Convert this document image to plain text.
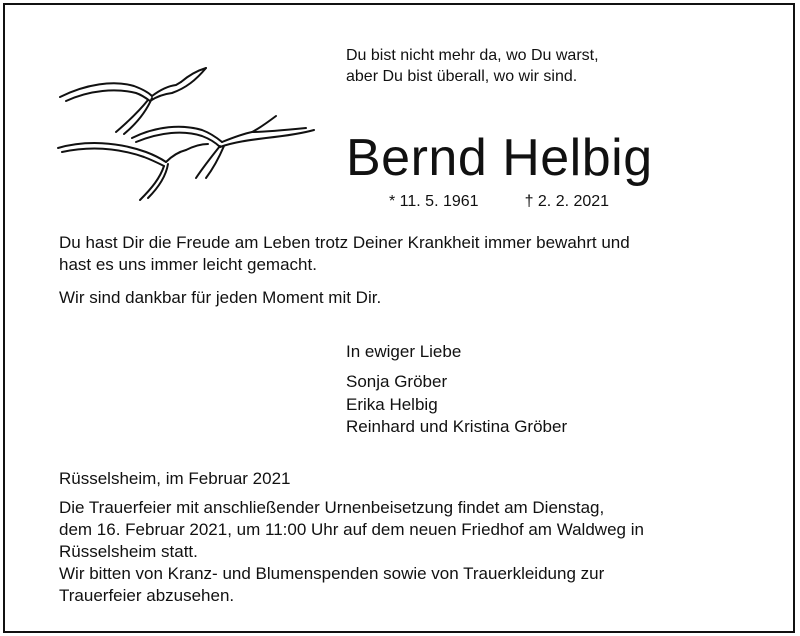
Du bist nicht mehr da, wo Du warst,
aber Du bist überall, wo wir sind.
Bernd Helbig
* 11. 5. 1961	† 2. 2. 2021
Du hast Dir die Freude am Leben trotz Deiner Krankheit immer bewahrt und
hast es uns immer leicht gemacht.
Wir sind dankbar für jeden Moment mit Dir.
In ewiger Liebe
Sonja Gröber
Erika Helbig
Reinhard und Kristina Gröber
Rüsselsheim, im Februar 2021
Die Trauerfeier mit anschließender Urnenbeisetzung findet am Dienstag,
dem 16. Februar 2021, um 11:00 Uhr auf dem neuen Friedhof am Waldweg in
Rüsselsheim statt.
Wir bitten von Kranz- und Blumenspenden sowie von Trauerkleidung zur
Trauerfeier abzusehen.
